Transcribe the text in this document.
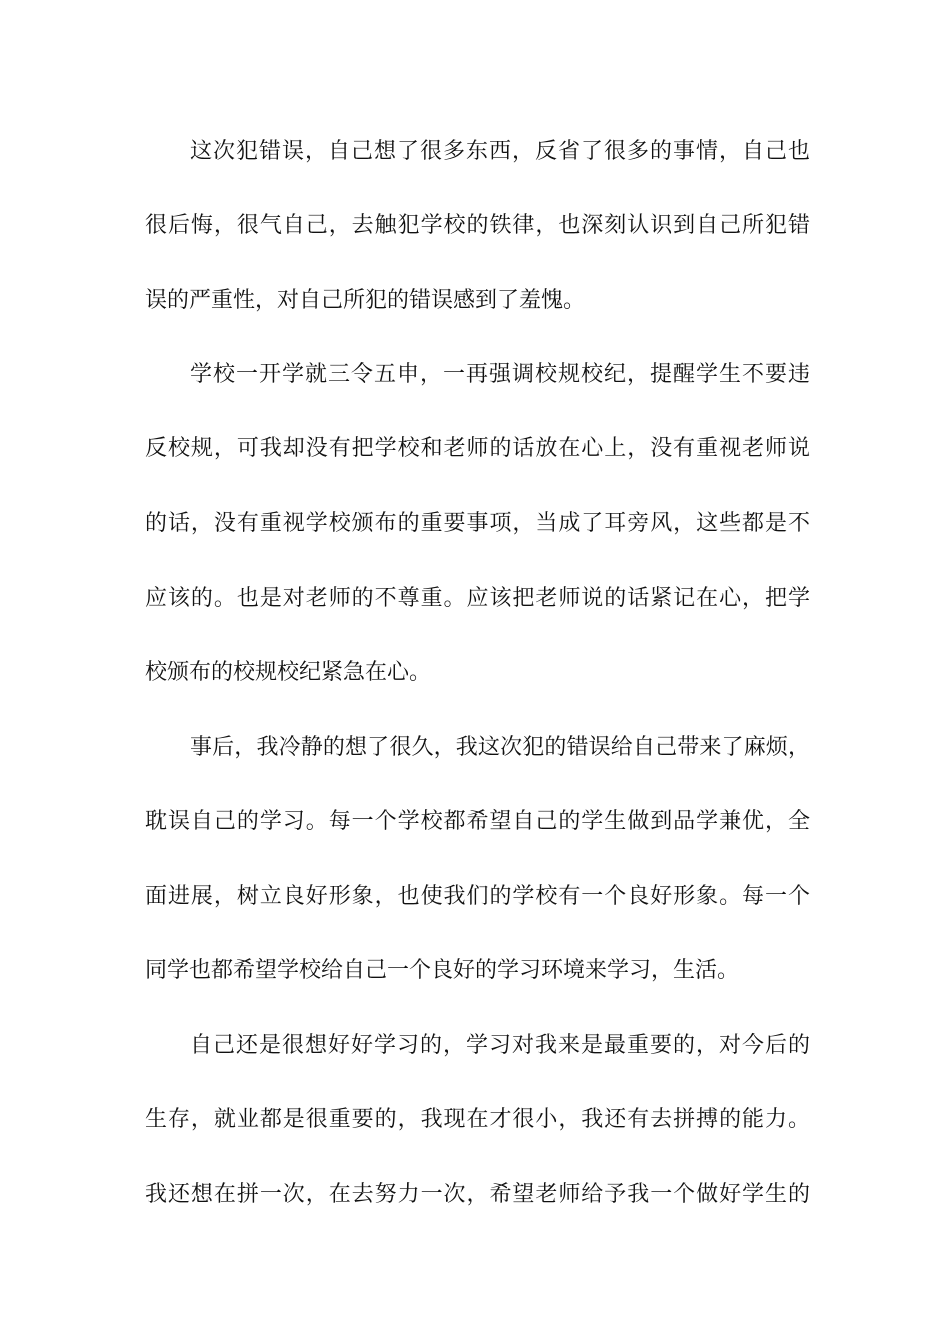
这次犯错误，自己想了很多东西，反省了很多的事情，自己也
很后悔，很气自己，去触犯学校的铁律，也深刻认识到自己所犯错
误的严重性，对自己所犯的错误感到了羞愧。
学校一开学就三令五申，一再强调校规校纪，提醒学生不要违
反校规，可我却没有把学校和老师的话放在心上，没有重视老师说
的话，没有重视学校颁布的重要事项，当成了耳旁风，这些都是不
应该的。也是对老师的不尊重。应该把老师说的话紧记在心，把学
校颁布的校规校纪紧急在心。
事后，我冷静的想了很久，我这次犯的错误给自己带来了麻烦，
耽误自己的学习。每一个学校都希望自己的学生做到品学兼优，全
面进展，树立良好形象，也使我们的学校有一个良好形象。每一个
同学也都希望学校给自己一个良好的学习环境来学习，生活。
自己还是很想好好学习的，学习对我来是最重要的，对今后的
生存，就业都是很重要的，我现在才很小，我还有去拼搏的能力。
我还想在拼一次，在去努力一次，希望老师给予我一个做好学生的
